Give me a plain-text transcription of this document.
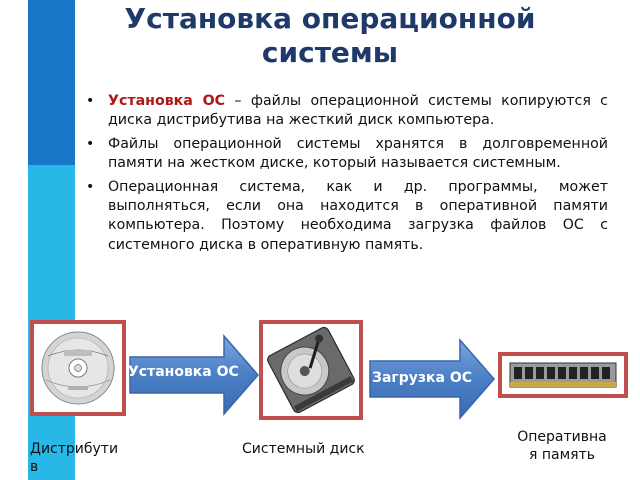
Установка операционной системы
• Установка ОС – файлы операционной системы копируются с диска дистрибутива на жесткий диск компьютера.
• Файлы операционной системы хранятся в долговременной памяти на жестком диске, который называется системным.
• Операционная система, как и др. программы, может выполняться, если она находится в оперативной памяти компьютера. Поэтому необходима загрузка файлов ОС с системного диска в оперативную память.
Установка ОС	Загрузка ОС
Дистрибути
в
Системный диск
Оперативна
я память
